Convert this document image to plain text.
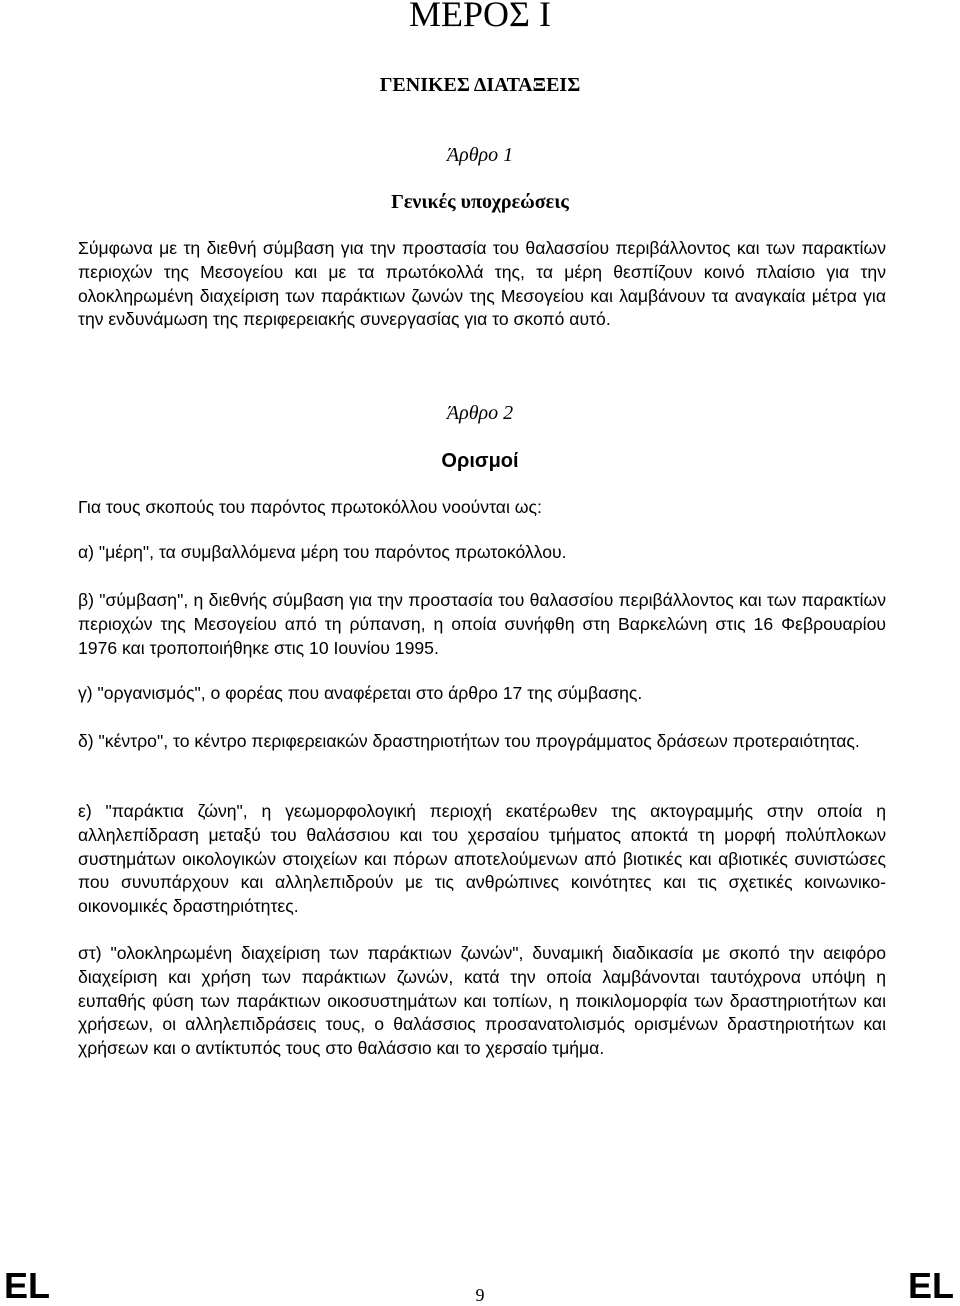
ΜΕΡΟΣ Ι
ΓΕΝΙΚΕΣ ΔΙΑΤΑΞΕΙΣ
Άρθρο 1
Γενικές υποχρεώσεις

Σύμφωνα με τη διεθνή σύμβαση για την προστασία του θαλασσίου περιβάλλοντος και των παρακτίων περιοχών της Μεσογείου και με τα πρωτόκολλά της, τα μέρη θεσπίζουν κοινό πλαίσιο για την ολοκληρωμένη διαχείριση των παράκτιων ζωνών της Μεσογείου και λαμβάνουν τα αναγκαία μέτρα για την ενδυνάμωση της περιφερειακής συνεργασίας για το σκοπό αυτό.

Άρθρο 2
Ορισμοί

Για τους σκοπούς του παρόντος πρωτοκόλλου νοούνται ως:

α) "μέρη", τα συμβαλλόμενα μέρη του παρόντος πρωτοκόλλου.

β) "σύμβαση", η διεθνής σύμβαση για την προστασία του θαλασσίου περιβάλλοντος και των παρακτίων περιοχών της Μεσογείου από τη ρύπανση, η οποία συνήφθη στη Βαρκελώνη στις 16 Φεβρουαρίου 1976 και τροποποιήθηκε στις 10 Ιουνίου 1995.

γ) "οργανισμός", ο φορέας που αναφέρεται στο άρθρο 17 της σύμβασης.

δ) "κέντρο", το κέντρο περιφερειακών δραστηριοτήτων του προγράμματος δράσεων προτεραιότητας.

ε) "παράκτια ζώνη", η γεωμορφολογική περιοχή εκατέρωθεν της ακτογραμμής στην οποία η αλληλεπίδραση μεταξύ του θαλάσσιου και του χερσαίου τμήματος αποκτά τη μορφή πολύπλοκων συστημάτων οικολογικών στοιχείων και πόρων αποτελούμενων από βιοτικές και αβιοτικές συνιστώσες που συνυπάρχουν και αλληλεπιδρούν με τις ανθρώπινες κοινότητες και τις σχετικές κοινωνικο-οικονομικές δραστηριότητες.

στ) "ολοκληρωμένη διαχείριση των παράκτιων ζωνών", δυναμική διαδικασία με σκοπό την αειφόρο διαχείριση και χρήση των παράκτιων ζωνών, κατά την οποία λαμβάνονται ταυτόχρονα υπόψη η ευπαθής φύση των παράκτιων οικοσυστημάτων και τοπίων, η ποικιλομορφία των δραστηριοτήτων και χρήσεων, οι αλληλεπιδράσεις τους, ο θαλάσσιος προσανατολισμός ορισμένων δραστηριοτήτων και χρήσεων και ο αντίκτυπός τους στο θαλάσσιο και το χερσαίο τμήμα.

EL	9	EL
